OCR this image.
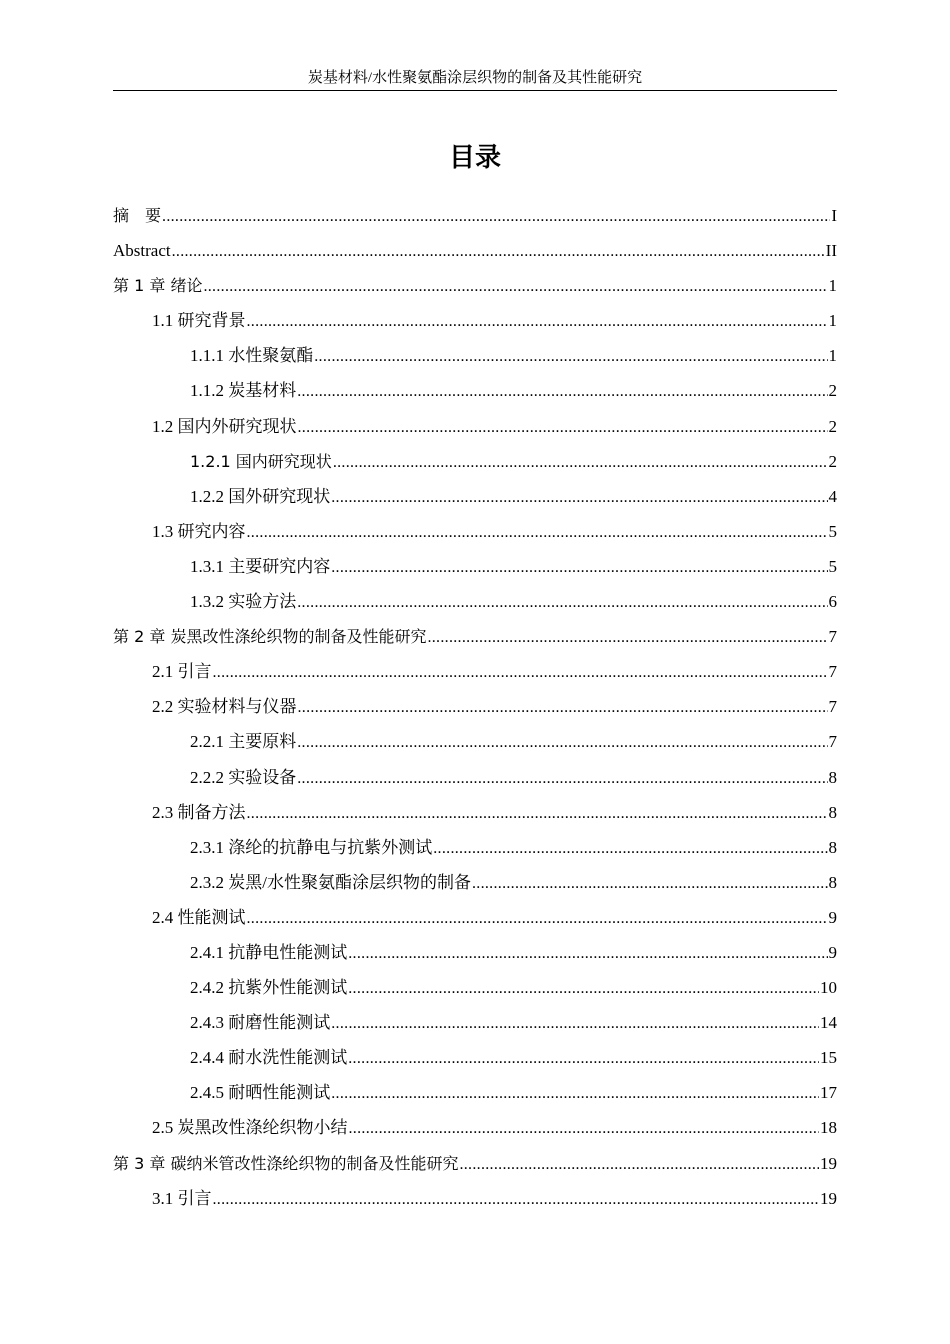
炭基材料/水性聚氨酯涂层织物的制备及其性能研究
目录
摘　要 .....	I
Abstract .....	II
第 1 章 绪论 .....	1
1.1 研究背景 .....	1
1.1.1 水性聚氨酯 .....	1
1.1.2 炭基材料 .....	2
1.2 国内外研究现状 .....	2
1.2.1 国内研究现状 .....	2
1.2.2 国外研究现状 .....	4
1.3 研究内容 .....	5
1.3.1 主要研究内容 .....	5
1.3.2 实验方法 .....	6
第 2 章 炭黑改性涤纶织物的制备及性能研究 .....	7
2.1 引言 .....	7
2.2 实验材料与仪器 .....	7
2.2.1 主要原料 .....	7
2.2.2 实验设备 .....	8
2.3 制备方法 .....	8
2.3.1 涤纶的抗静电与抗紫外测试 .....	8
2.3.2 炭黑/水性聚氨酯涂层织物的制备 .....	8
2.4 性能测试 .....	9
2.4.1 抗静电性能测试 .....	9
2.4.2 抗紫外性能测试 .....	10
2.4.3 耐磨性能测试 .....	14
2.4.4 耐水洗性能测试 .....	15
2.4.5 耐晒性能测试 .....	17
2.5 炭黑改性涤纶织物小结 .....	18
第 3 章 碳纳米管改性涤纶织物的制备及性能研究 .....	19
3.1 引言 .....	19
